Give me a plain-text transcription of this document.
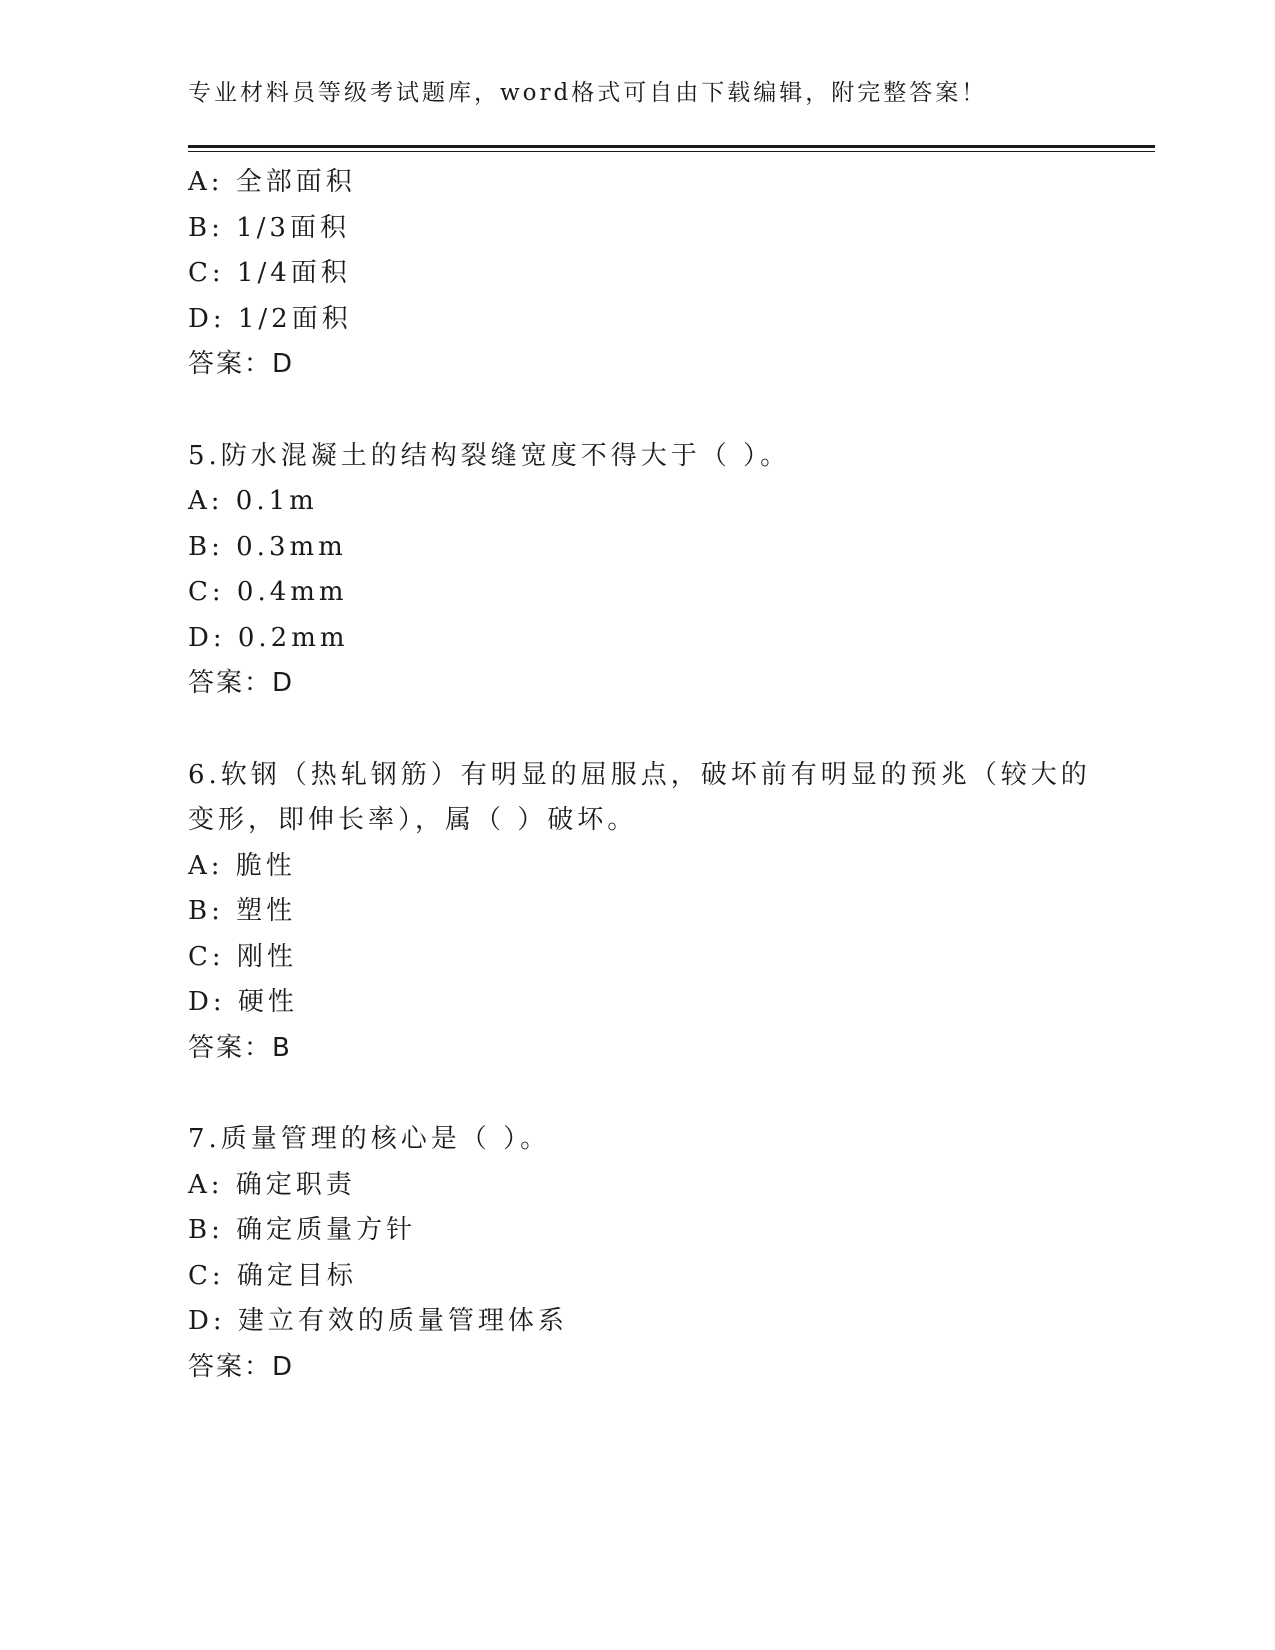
专业材料员等级考试题库，word格式可自由下载编辑，附完整答案！
A: 全部面积
B: 1/3面积
C: 1/4面积
D: 1/2面积
答案：D
5.防水混凝土的结构裂缝宽度不得大于（ ）。
A: 0.1m
B: 0.3mm
C: 0.4mm
D: 0.2mm
答案：D
6.软钢（热轧钢筋）有明显的屈服点，破坏前有明显的预兆（较大的
变形，即伸长率），属（ ）破坏。
A: 脆性
B: 塑性
C: 刚性
D: 硬性
答案：B
7.质量管理的核心是（ ）。
A: 确定职责
B: 确定质量方针
C: 确定目标
D: 建立有效的质量管理体系
答案：D
